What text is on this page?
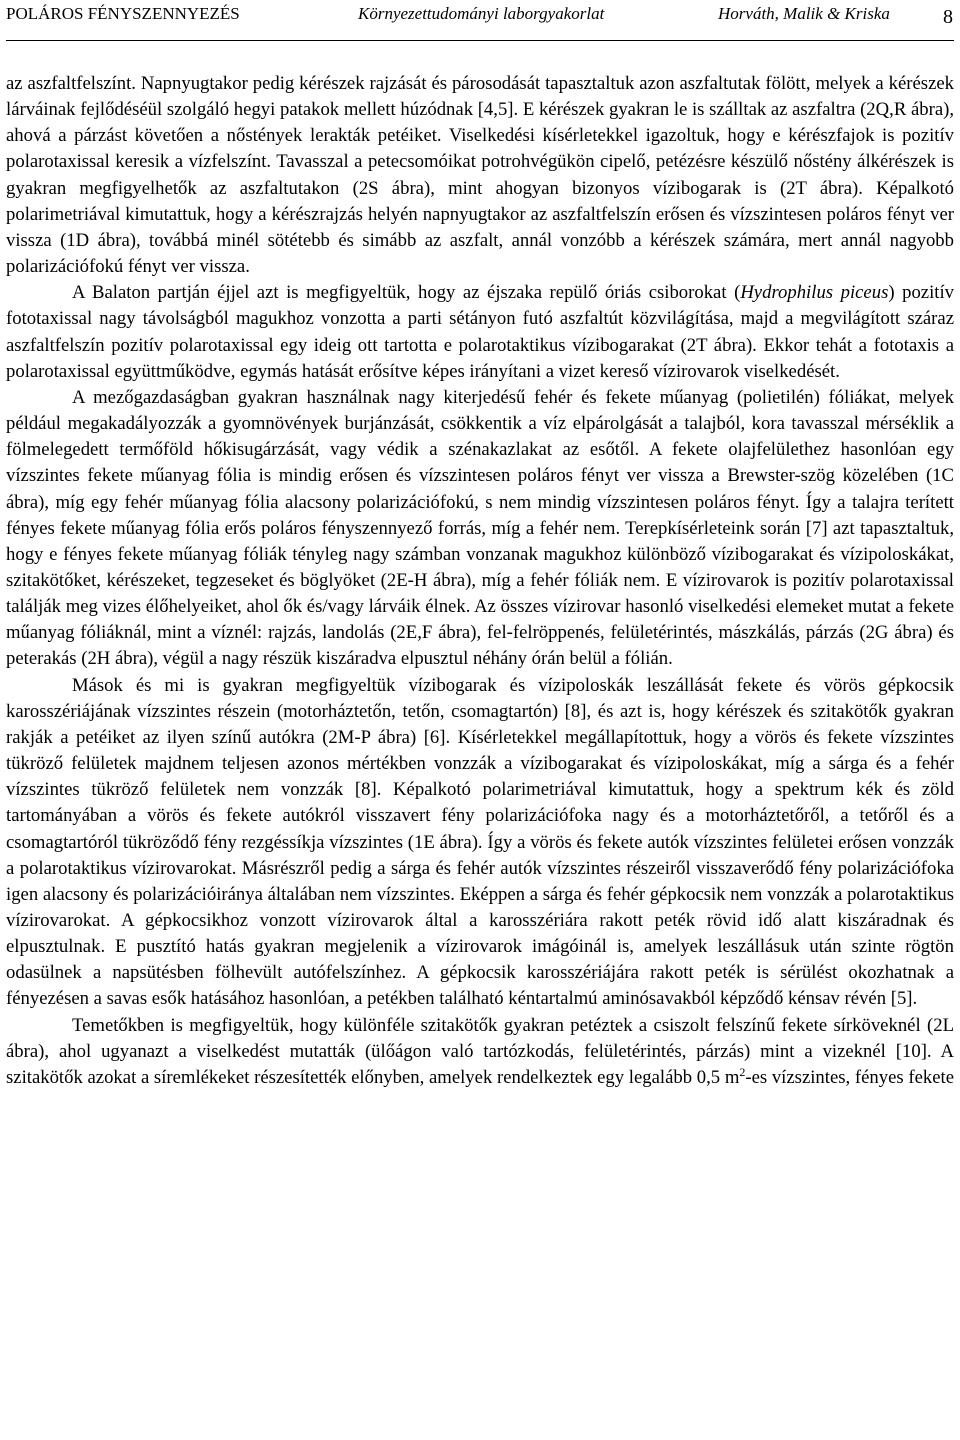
POLÁROS FÉNYSZENNYEZÉS	Környezettudományi laborgyakorlat	Horváth, Malik & Kriska	8

az aszfaltfelszínt. Napnyugtakor pedig kérészek rajzását és párosodását tapasztaltuk azon aszfaltutak fölött, melyek a kérészek lárváinak fejlődéséül szolgáló hegyi patakok mellett húzódnak [4,5]. E kérészek gyakran le is szálltak az aszfaltra (2Q,R ábra), ahová a párzást követően a nőstények lerakták petéiket. Viselkedési kísérletekkel igazoltuk, hogy e kérészfajok is pozitív polarotaxissal keresik a vízfelszínt. Tavasszal a petecsomóikat potrohvégükön cipelő, petézésre készülő nőstény álkérészek is gyakran megfigyelhetők az aszfaltutakon (2S ábra), mint ahogyan bizonyos vízibogarak is (2T ábra). Képalkotó polarimetriával kimutattuk, hogy a kérészrajzás helyén napnyugtakor az aszfaltfelszín erősen és vízszintesen poláros fényt ver vissza (1D ábra), továbbá minél sötétebb és simább az aszfalt, annál vonzóbb a kérészek számára, mert annál nagyobb polarizációfokú fényt ver vissza.

A Balaton partján éjjel azt is megfigyeltük, hogy az éjszaka repülő óriás csiborokat (Hydrophilus piceus) pozitív fototaxissal nagy távolságból magukhoz vonzotta a parti sétányon futó aszfaltút közvilágítása, majd a megvilágított száraz aszfaltfelszín pozitív polarotaxissal egy ideig ott tartotta e polarotaktikus vízibogarakat (2T ábra). Ekkor tehát a fototaxis a polarotaxissal együttműködve, egymás hatását erősítve képes irányítani a vizet kereső vízirovarok viselkedését.

A mezőgazdaságban gyakran használnak nagy kiterjedésű fehér és fekete műanyag (polietilén) fóliákat, melyek például megakadályozzák a gyomnövények burjánzását, csökkentik a víz elpárolgását a talajból, kora tavasszal mérséklik a fölmelegedett termőföld hőkisugárzását, vagy védik a szénakazlakat az esőtől. A fekete olajfelülethez hasonlóan egy vízszintes fekete műanyag fólia is mindig erősen és vízszintesen poláros fényt ver vissza a Brewster-szög közelében (1C ábra), míg egy fehér műanyag fólia alacsony polarizációfokú, s nem mindig vízszintesen poláros fényt. Így a talajra terített fényes fekete műanyag fólia erős poláros fényszennyező forrás, míg a fehér nem. Terepkísérleteink során [7] azt tapasztaltuk, hogy e fényes fekete műanyag fóliák tényleg nagy számban vonzanak magukhoz különböző vízibogarakat és vízipoloskákat, szitakötőket, kérészeket, tegzeseket és böglyöket (2E-H ábra), míg a fehér fóliák nem. E vízirovarok is pozitív polarotaxissal találják meg vizes élőhelyeiket, ahol ők és/vagy lárváik élnek. Az összes vízirovar hasonló viselkedési elemeket mutat a fekete műanyag fóliáknál, mint a víznél: rajzás, landolás (2E,F ábra), fel-felröppenés, felületérintés, mászkálás, párzás (2G ábra) és peterakás (2H ábra), végül a nagy részük kiszáradva elpusztul néhány órán belül a fólián.

Mások és mi is gyakran megfigyeltük vízibogarak és vízipoloskák leszállását fekete és vörös gépkocsik karosszériájának vízszintes részein (motorháztetőn, tetőn, csomagtartón) [8], és azt is, hogy kérészek és szitakötők gyakran rakják a petéiket az ilyen színű autókra (2M-P ábra) [6]. Kísérletekkel megállapítottuk, hogy a vörös és fekete vízszintes tükröző felületek majdnem teljesen azonos mértékben vonzzák a vízibogarakat és vízipoloskákat, míg a sárga és a fehér vízszintes tükröző felületek nem vonzzák [8]. Képalkotó polarimetriával kimutattuk, hogy a spektrum kék és zöld tartományában a vörös és fekete autókról visszavert fény polarizációfoka nagy és a motorháztetőről, a tetőről és a csomagtartóról tükröződő fény rezgéssíkja vízszintes (1E ábra). Így a vörös és fekete autók vízszintes felületei erősen vonzzák a polarotaktikus vízirovarokat. Másrészről pedig a sárga és fehér autók vízszintes részeiről visszaverődő fény polarizációfoka igen alacsony és polarizációiránya általában nem vízszintes. Eképpen a sárga és fehér gépkocsik nem vonzzák a polarotaktikus vízirovarokat. A gépkocsikhoz vonzott vízirovarok által a karosszériára rakott peték rövid idő alatt kiszáradnak és elpusztulnak. E pusztító hatás gyakran megjelenik a vízirovarok imágóinál is, amelyek leszállásuk után szinte rögtön odasülnek a napsütésben fölhevült autófelszínhez. A gépkocsik karosszériájára rakott peték is sérülést okozhatnak a fényezésen a savas esők hatásához hasonlóan, a petékben található kéntartalmú aminósavakból képződő kénsav révén [5].

Temetőkben is megfigyeltük, hogy különféle szitakötők gyakran petéztek a csiszolt felszínű fekete sírköveknél (2L ábra), ahol ugyanazt a viselkedést mutatták (ülőágon való tartózkodás, felületérintés, párzás) mint a vizeknél [10]. A szitakötők azokat a síremlékeket részesítették előnyben, amelyek rendelkeztek egy legalább 0,5 $m^2-es$ vízszintes, fényes fekete
